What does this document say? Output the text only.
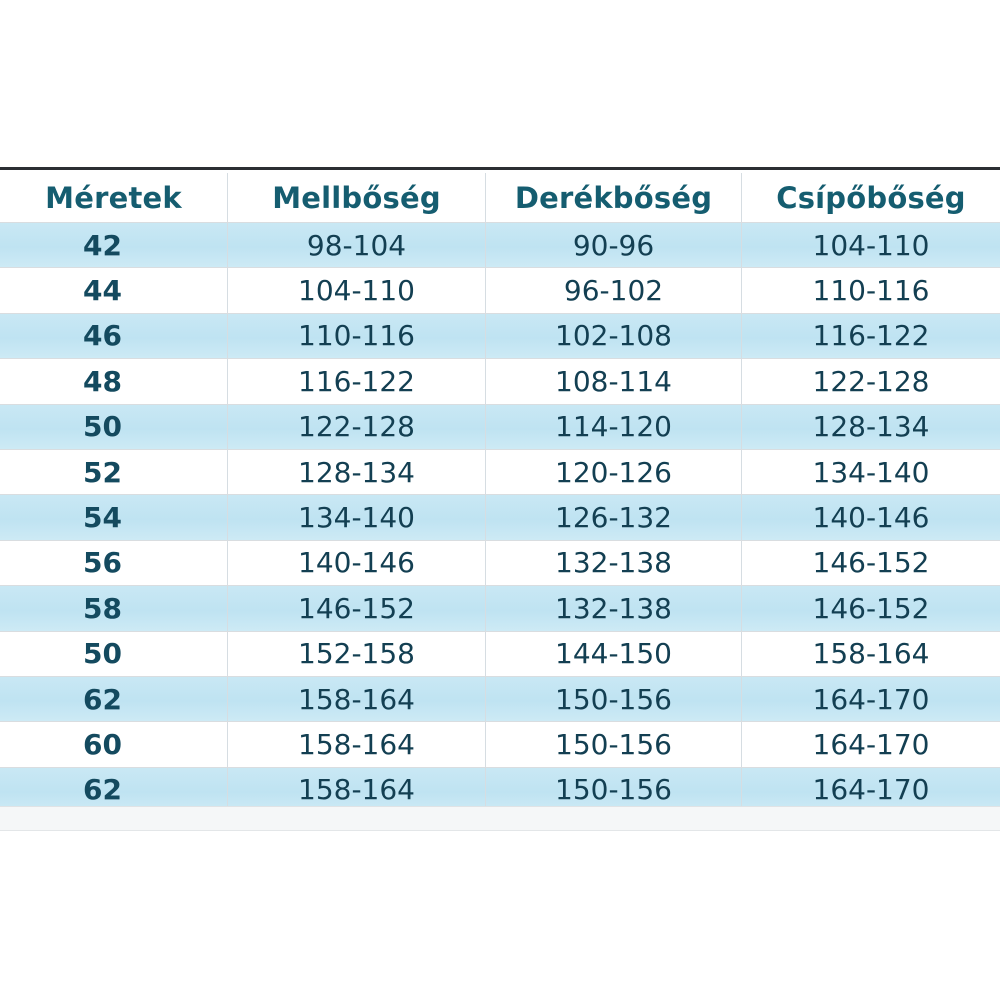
Méretek	Mellbőség	Derékbőség	Csípőbőség
42	98-104	90-96	104-110
44	104-110	96-102	110-116
46	110-116	102-108	116-122
48	116-122	108-114	122-128
50	122-128	114-120	128-134
52	128-134	120-126	134-140
54	134-140	126-132	140-146
56	140-146	132-138	146-152
58	146-152	132-138	146-152
50	152-158	144-150	158-164
62	158-164	150-156	164-170
60	158-164	150-156	164-170
62	158-164	150-156	164-170
